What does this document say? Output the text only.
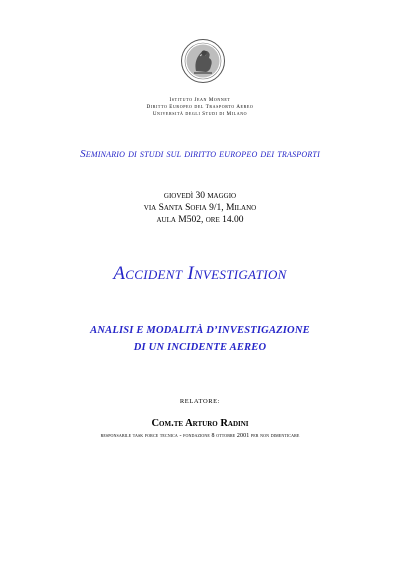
Istituto Jean Monnet
Diritto Europeo del Trasporto Aereo
Università degli Studi di Milano
Seminario di studi sul diritto europeo dei trasporti
giovedì 30 maggio
via Santa Sofia 9/1, Milano
aula M502, ore 14.00
Accident Investigation
ANALISI E MODALITÀ D’INVESTIGAZIONE
DI UN INCIDENTE AEREO
RELATORE:
Com.te Arturo Radini
responsabile task force tecnica - fondazione 8 ottobre 2001 per non dimenticare
